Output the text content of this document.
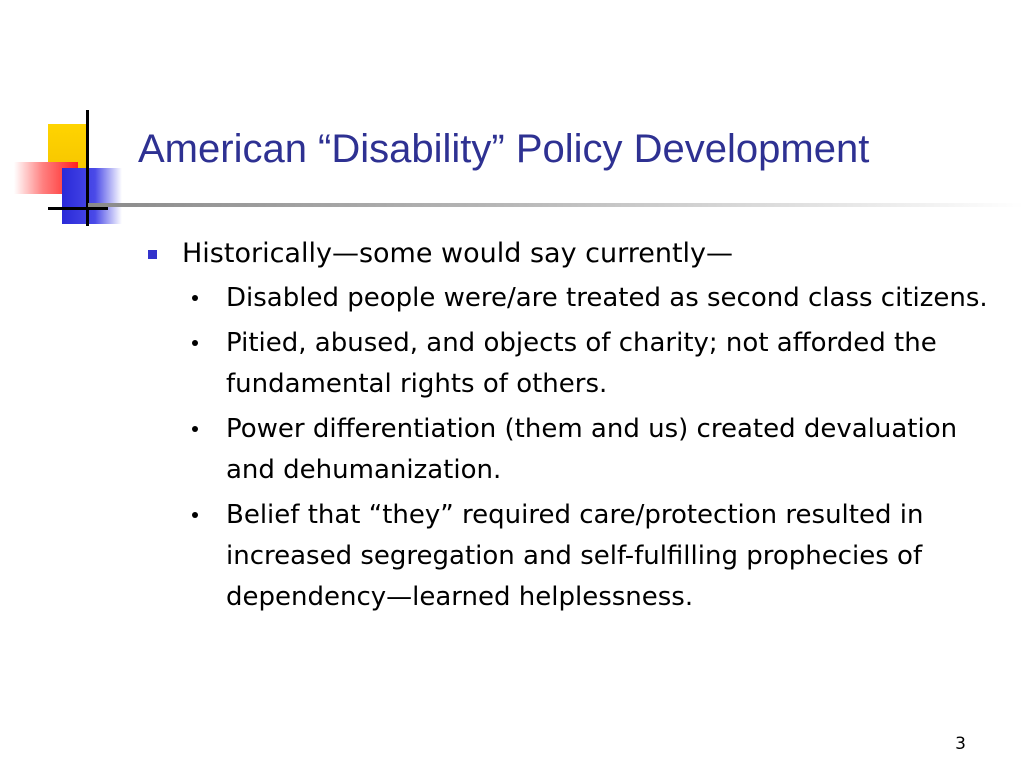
American “Disability” Policy Development
Historically—some would say currently—
Disabled people were/are treated as second class citizens.
Pitied, abused, and objects of charity; not afforded the fundamental rights of others.
Power differentiation (them and us) created devaluation and dehumanization.
Belief that “they” required care/protection resulted in increased segregation and self-fulfilling prophecies of dependency—learned helplessness.
3
